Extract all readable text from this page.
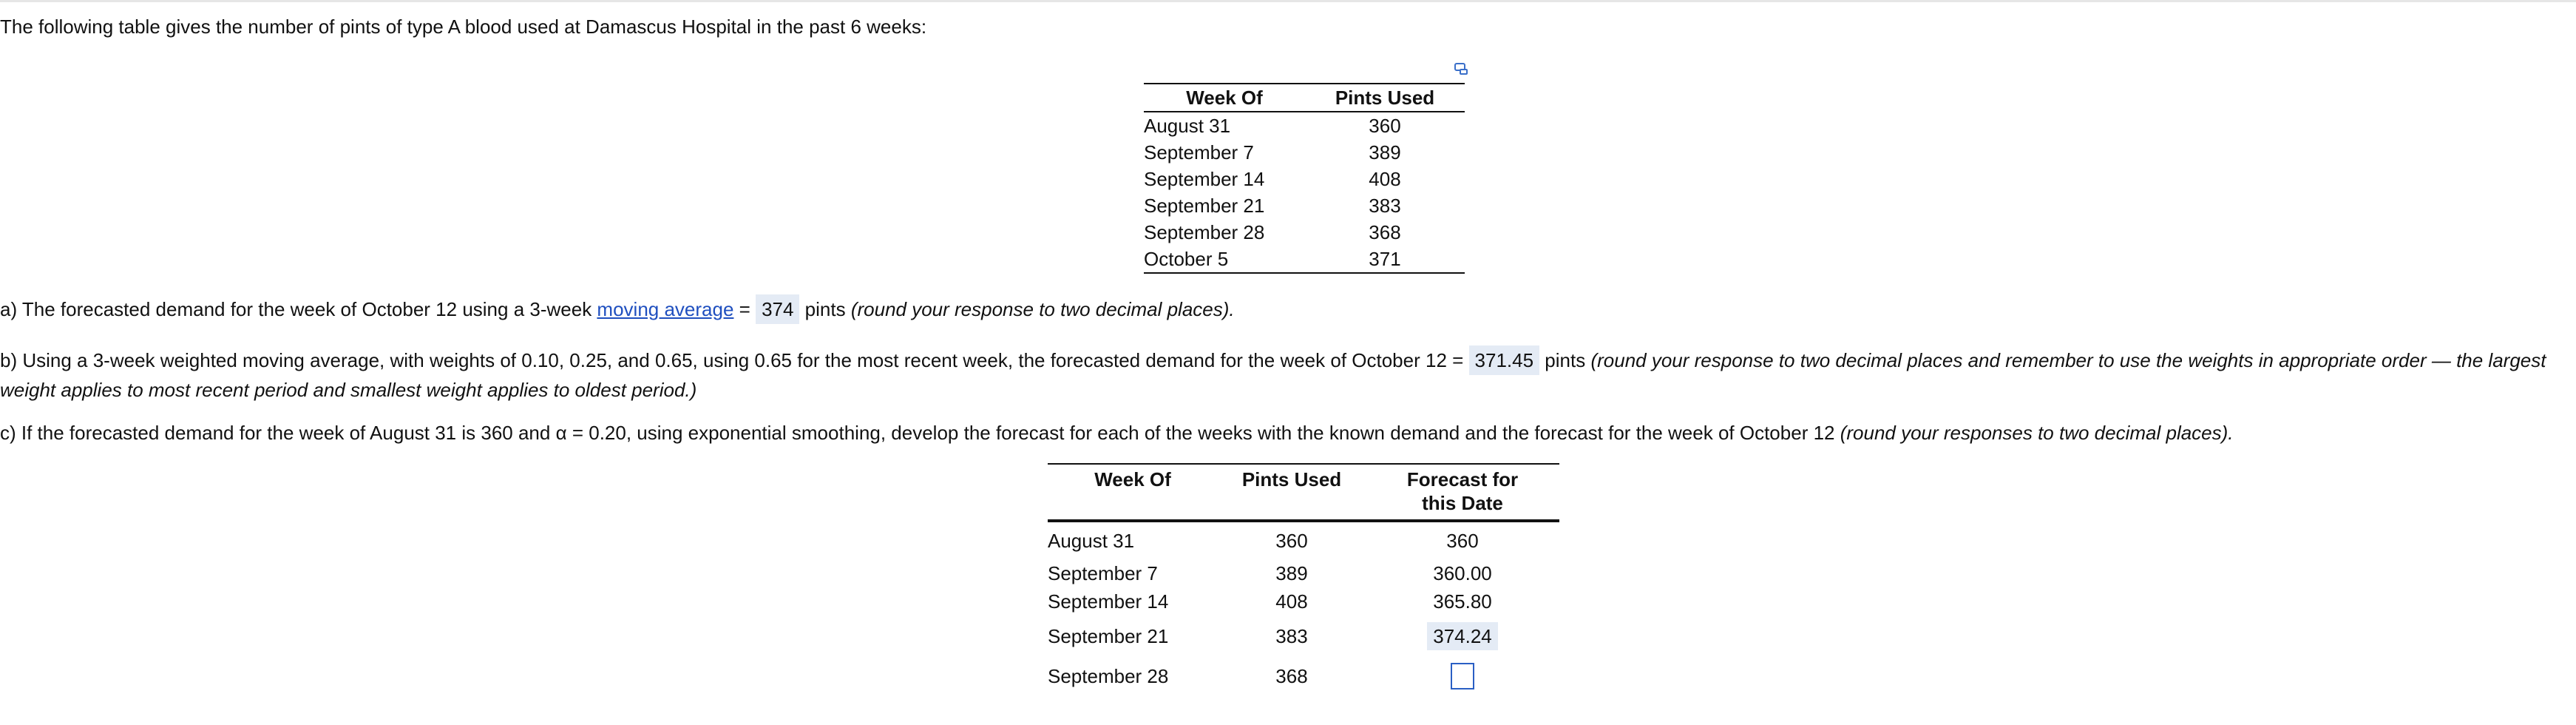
The following table gives the number of pints of type A blood used at Damascus Hospital in the past 6 weeks:
Week Of	Pints Used
August 31	360
September 7	389
September 14	408
September 21	383
September 28	368
October 5	371
a) The forecasted demand for the week of October 12 using a 3-week moving average = 374 pints (round your response to two decimal places).
b) Using a 3-week weighted moving average, with weights of 0.10, 0.25, and 0.65, using 0.65 for the most recent week, the forecasted demand for the week of October 12 = 371.45 pints (round your response to two decimal places and remember to use the weights in appropriate order — the largest weight applies to most recent period and smallest weight applies to oldest period.)
c) If the forecasted demand for the week of August 31 is 360 and α = 0.20, using exponential smoothing, develop the forecast for each of the weeks with the known demand and the forecast for the week of October 12 (round your responses to two decimal places).
Week Of	Pints Used	Forecast for this Date
August 31	360	360
September 7	389	360.00
September 14	408	365.80
September 21	383	374.24
September 28	368	
